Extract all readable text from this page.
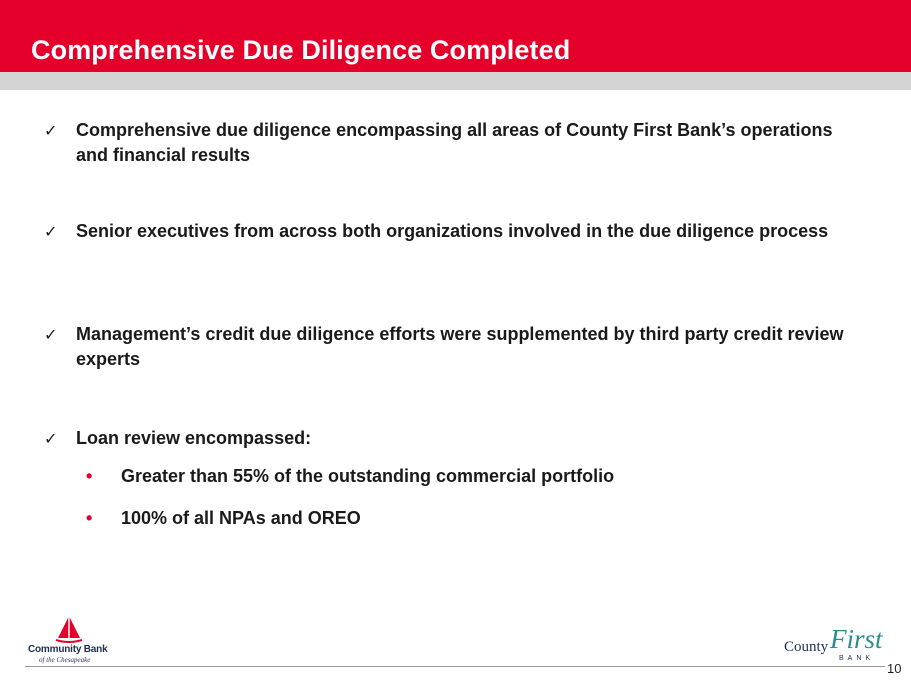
Comprehensive Due Diligence Completed
✓ Comprehensive due diligence encompassing all areas of County First Bank’s operations and financial results
✓ Senior executives from across both organizations involved in the due diligence process
✓ Management’s credit due diligence efforts were supplemented by third party credit review experts
✓ Loan review encompassed:
• Greater than 55% of the outstanding commercial portfolio
• 100% of all NPAs and OREO
Community Bank
of the Chesapeake
County First
BANK
10
